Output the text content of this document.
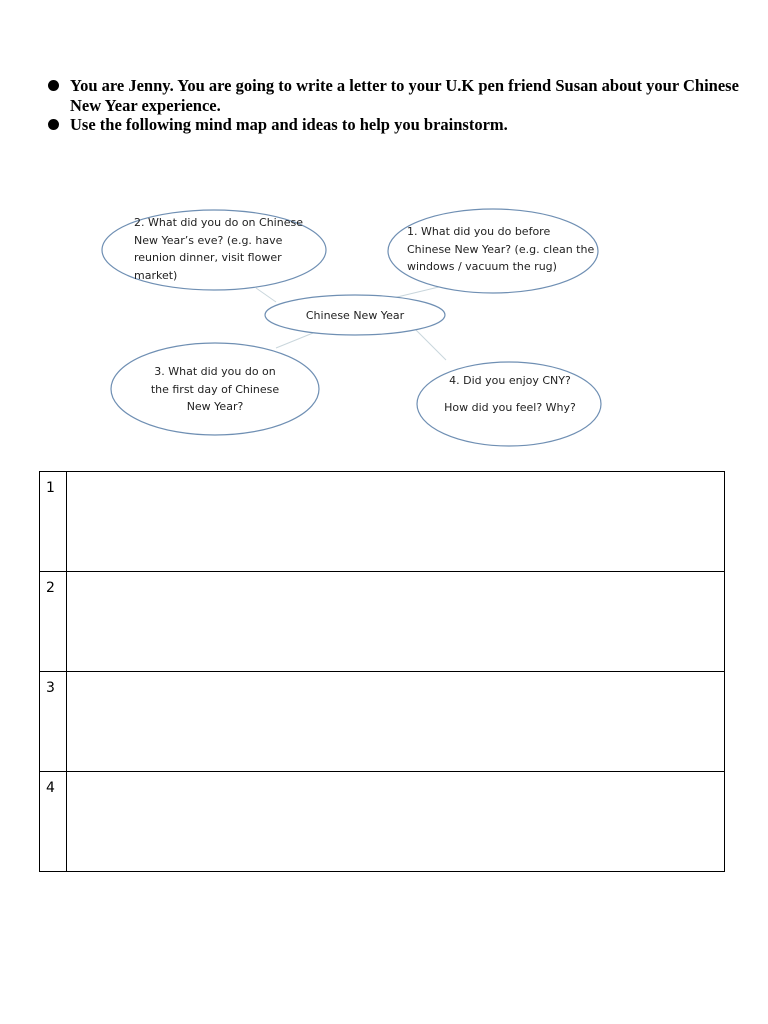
You are Jenny. You are going to write a letter to your U.K pen friend Susan about your Chinese New Year experience.
Use the following mind map and ideas to help you brainstorm.
2. What did you do on Chinese
New Year’s eve? (e.g. have
reunion dinner, visit flower
market)
1. What did you do before
Chinese New Year? (e.g. clean the
windows / vacuum the rug)
Chinese New Year
3. What did you do on
the first day of Chinese
New Year?
4. Did you enjoy CNY?
How did you feel? Why?
1	
2	
3	
4	
